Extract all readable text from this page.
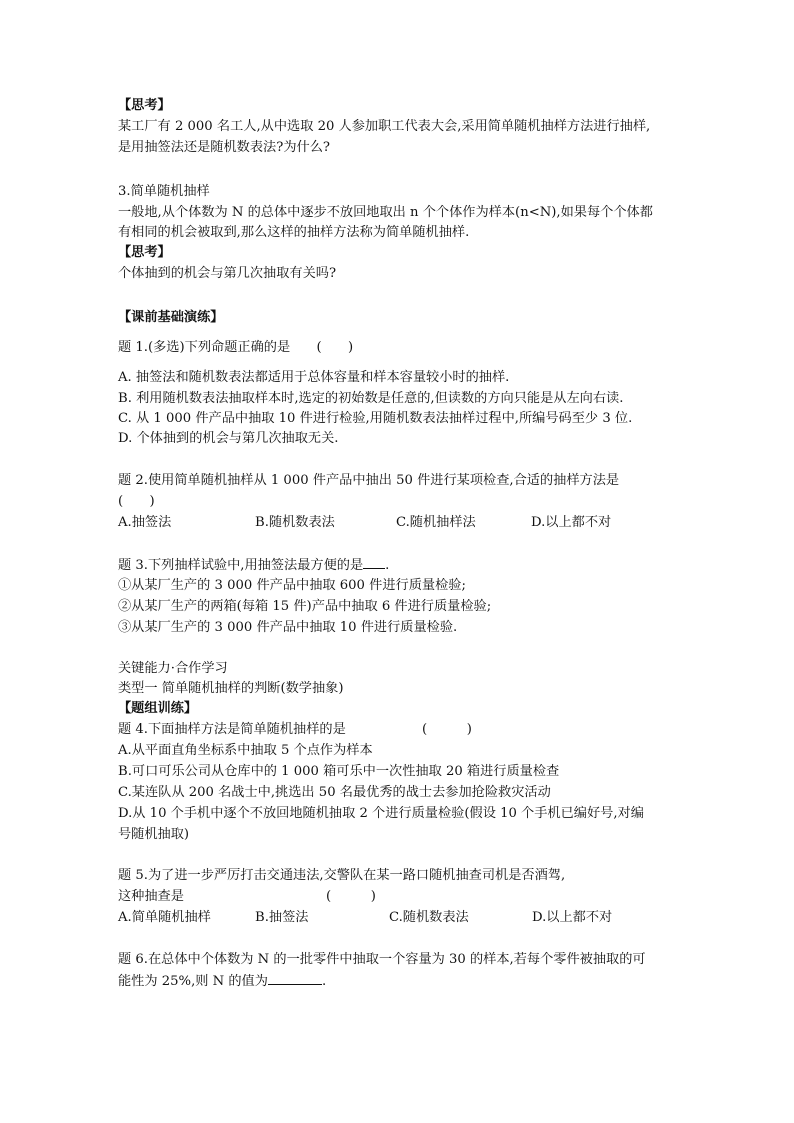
【思考】
某工厂有 2 000 名工人,从中选取 20 人参加职工代表大会,采用简单随机抽样方法进行抽样,
是用抽签法还是随机数表法?为什么?
3.简单随机抽样
一般地,从个体数为 N 的总体中逐步不放回地取出 n 个个体作为样本(n<N),如果每个个体都
有相同的机会被取到,那么这样的抽样方法称为简单随机抽样.
【思考】
个体抽到的机会与第几次抽取有关吗?
【课前基础演练】
题 1.(多选)下列命题正确的是　　(　　)
A. 抽签法和随机数表法都适用于总体容量和样本容量较小时的抽样.
B. 利用随机数表法抽取样本时,选定的初始数是任意的,但读数的方向只能是从左向右读.
C. 从 1 000 件产品中抽取 10 件进行检验,用随机数表法抽样过程中,所编号码至少 3 位.
D. 个体抽到的机会与第几次抽取无关.
题 2.使用简单随机抽样从 1 000 件产品中抽出 50 件进行某项检查,合适的抽样方法是
(　　)
A.抽签法	B.随机数表法	C.随机抽样法	D.以上都不对
题 3.下列抽样试验中,用抽签法最方便的是 .
①从某厂生产的 3 000 件产品中抽取 600 件进行质量检验;
②从某厂生产的两箱(每箱 15 件)产品中抽取 6 件进行质量检验;
③从某厂生产的 3 000 件产品中抽取 10 件进行质量检验.
关键能力·合作学习
类型一 简单随机抽样的判断(数学抽象)
【题组训练】
题 4.下面抽样方法是简单随机抽样的是	(　　　)
A.从平面直角坐标系中抽取 5 个点作为样本
B.可口可乐公司从仓库中的 1 000 箱可乐中一次性抽取 20 箱进行质量检查
C.某连队从 200 名战士中,挑选出 50 名最优秀的战士去参加抢险救灾活动
D.从 10 个手机中逐个不放回地随机抽取 2 个进行质量检验(假设 10 个手机已编好号,对编
号随机抽取)
题 5.为了进一步严厉打击交通违法,交警队在某一路口随机抽查司机是否酒驾,
这种抽查是	(　　　)
A.简单随机抽样	B.抽签法	C.随机数表法	D.以上都不对
题 6.在总体中个体数为 N 的一批零件中抽取一个容量为 30 的样本,若每个零件被抽取的可
能性为 25%,则 N 的值为	.
